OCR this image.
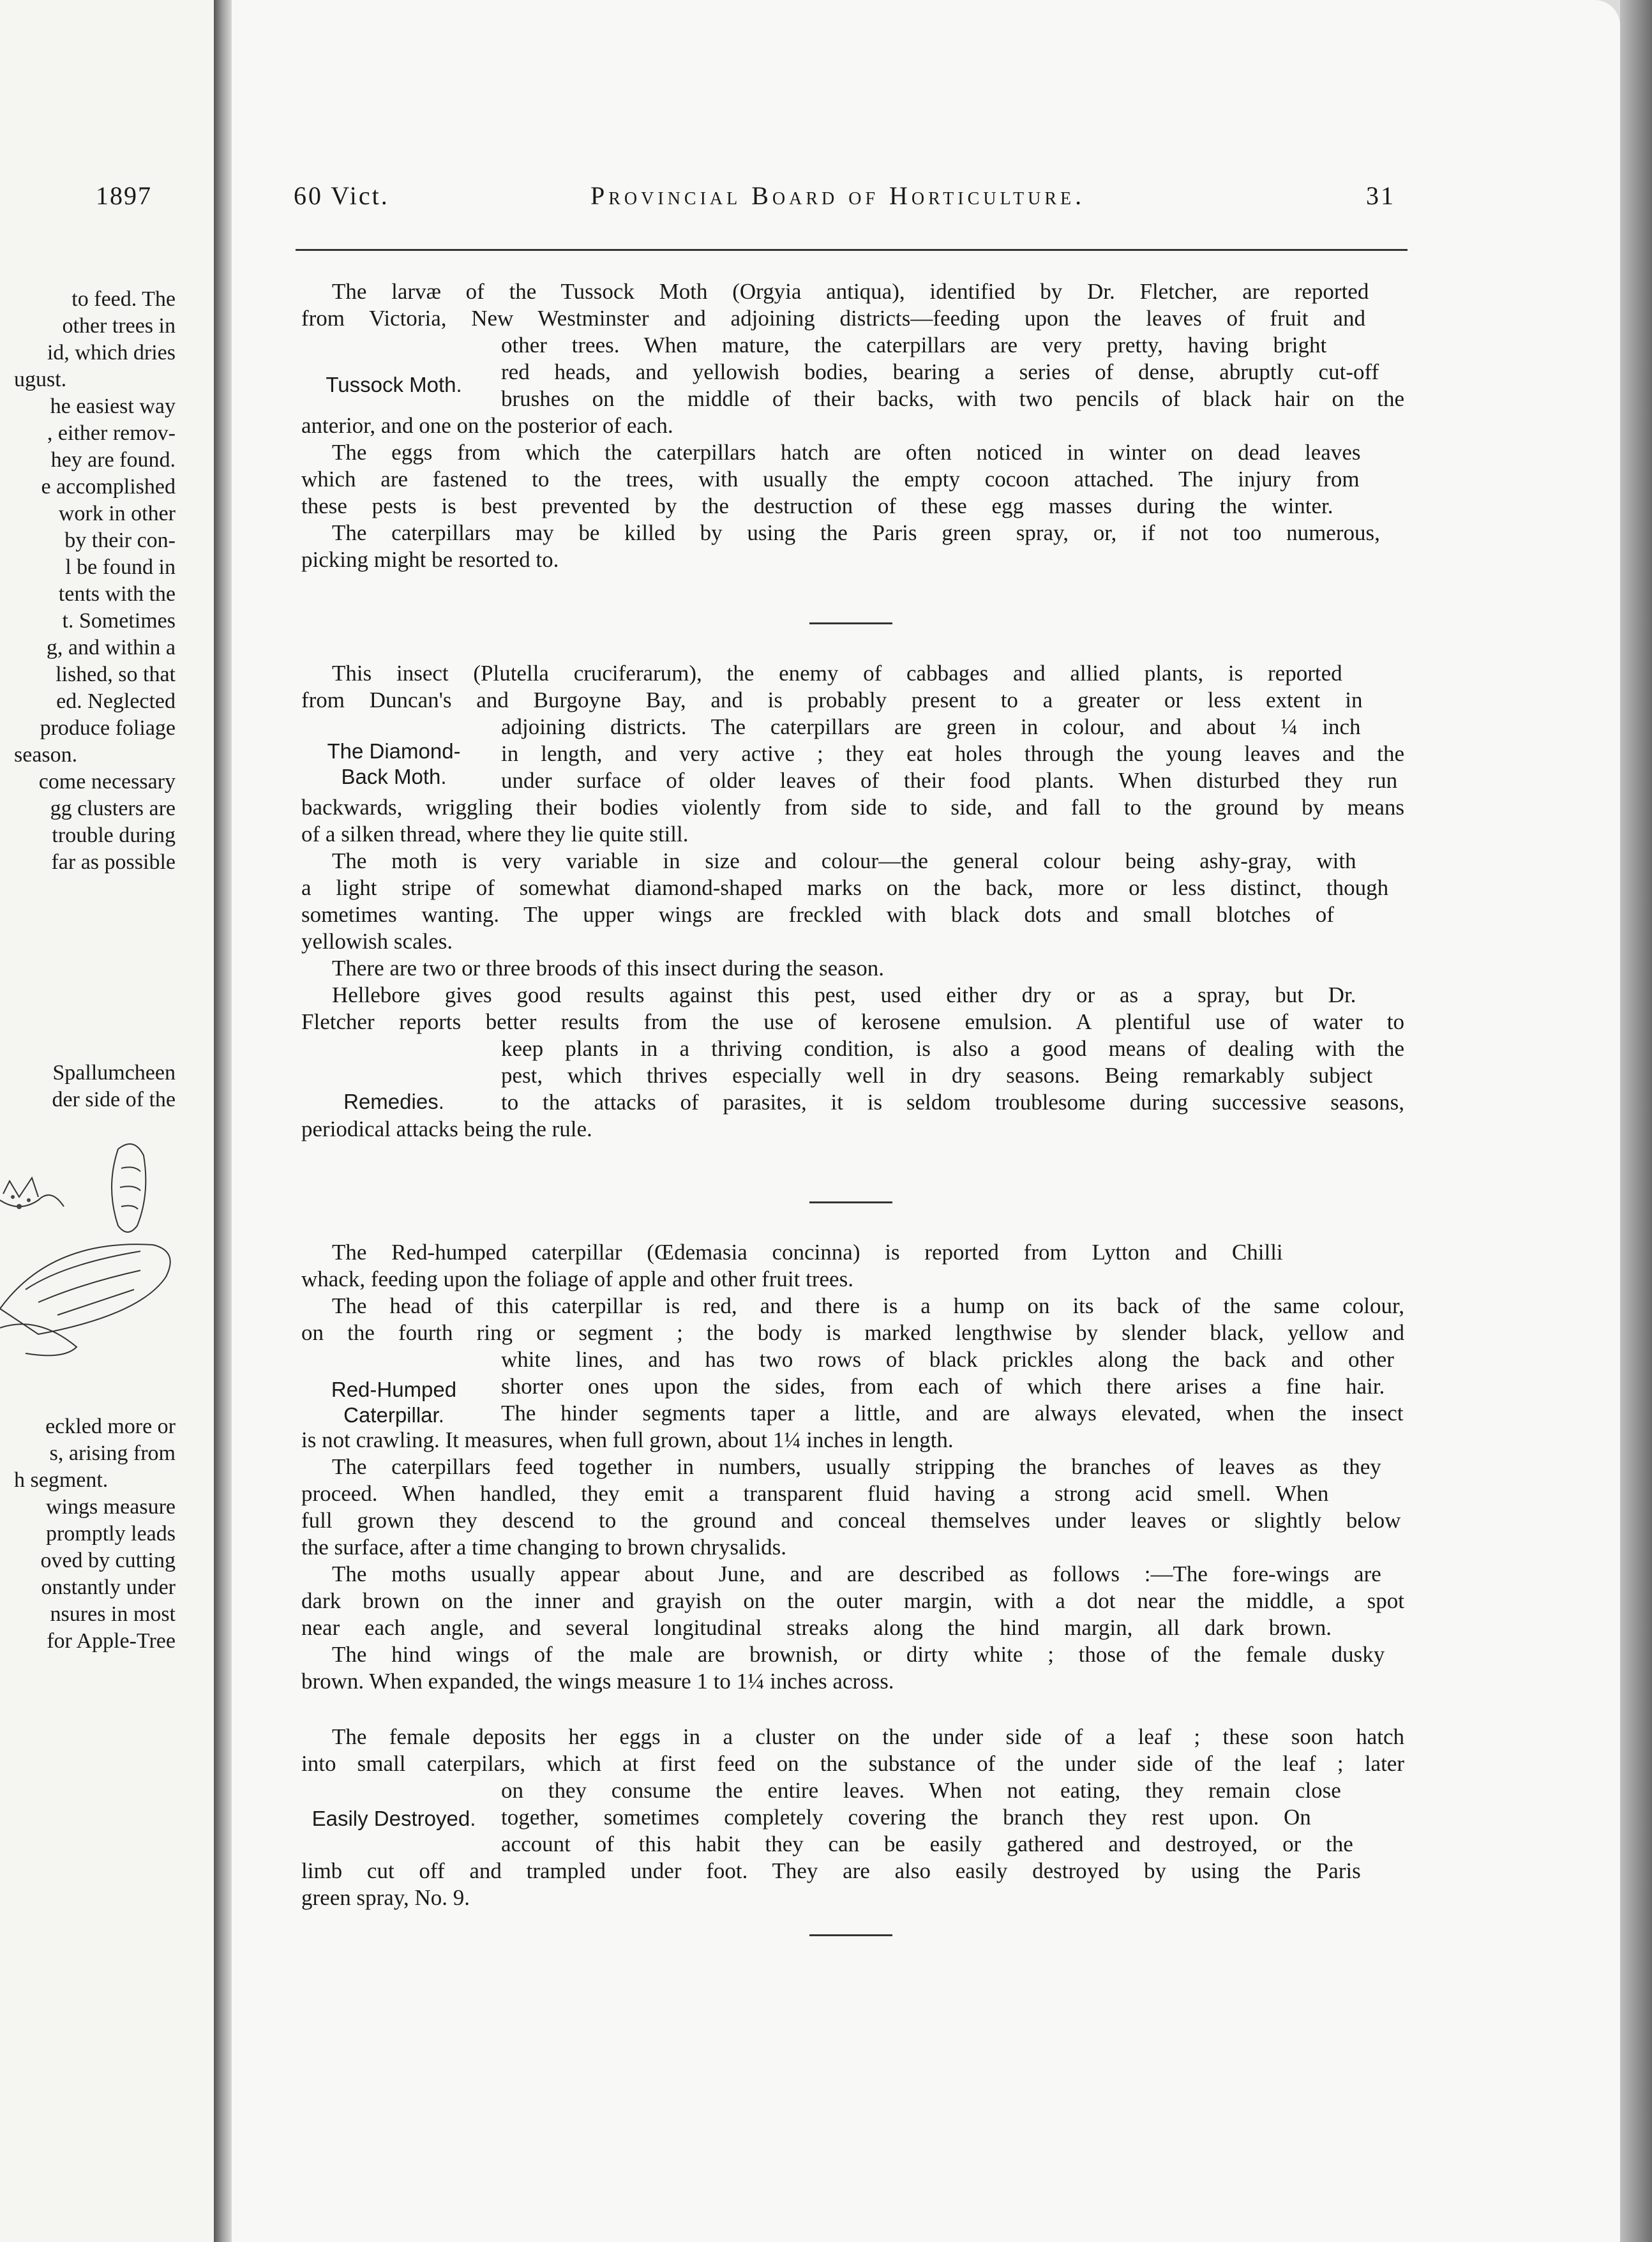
1897
to feed. The
other trees in
id, which dries
ugust.
he easiest way
, either remov-
hey are found.
e accomplished
work in other
by their con-
l be found in
tents with the
t. Sometimes
g, and within a
lished, so that
ed. Neglected
produce foliage
season.
come necessary
gg clusters are
trouble during
far as possible
Spallumcheen
der side of the
eckled more or
s, arising from
h segment.
wings measure
promptly leads
oved by cutting
onstantly under
nsures in most
for Apple-Tree
60 Vict.	Provincial Board of Horticulture.	31
The larvæ of the Tussock Moth (Orgyia antiqua), identified by Dr. Fletcher, are reported
from Victoria, New Westminster and adjoining districts—feeding upon the leaves of fruit and
other trees. When mature, the caterpillars are very pretty, having bright
red heads, and yellowish bodies, bearing a series of dense, abruptly cut-off
brushes on the middle of their backs, with two pencils of black hair on the
anterior, and one on the posterior of each.
The eggs from which the caterpillars hatch are often noticed in winter on dead leaves
which are fastened to the trees, with usually the empty cocoon attached. The injury from
these pests is best prevented by the destruction of these egg masses during the winter.
The caterpillars may be killed by using the Paris green spray, or, if not too numerous,
picking might be resorted to.
Tussock Moth.
This insect (Plutella cruciferarum), the enemy of cabbages and allied plants, is reported
from Duncan's and Burgoyne Bay, and is probably present to a greater or less extent in
adjoining districts. The caterpillars are green in colour, and about ¼ inch
in length, and very active ; they eat holes through the young leaves and the
under surface of older leaves of their food plants. When disturbed they run
backwards, wriggling their bodies violently from side to side, and fall to the ground by means
of a silken thread, where they lie quite still.
The moth is very variable in size and colour—the general colour being ashy-gray, with
a light stripe of somewhat diamond-shaped marks on the back, more or less distinct, though
sometimes wanting. The upper wings are freckled with black dots and small blotches of
yellowish scales.
There are two or three broods of this insect during the season.
The Diamond-
Back Moth.
Hellebore gives good results against this pest, used either dry or as a spray, but Dr.
Fletcher reports better results from the use of kerosene emulsion. A plentiful use of water to
keep plants in a thriving condition, is also a good means of dealing with the
pest, which thrives especially well in dry seasons. Being remarkably subject
to the attacks of parasites, it is seldom troublesome during successive seasons,
periodical attacks being the rule.
Remedies.
The Red-humped caterpillar (Œdemasia concinna) is reported from Lytton and Chilli
whack, feeding upon the foliage of apple and other fruit trees.
The head of this caterpillar is red, and there is a hump on its back of the same colour,
on the fourth ring or segment ; the body is marked lengthwise by slender black, yellow and
white lines, and has two rows of black prickles along the back and other
shorter ones upon the sides, from each of which there arises a fine hair.
The hinder segments taper a little, and are always elevated, when the insect
is not crawling. It measures, when full grown, about 1¼ inches in length.
The caterpillars feed together in numbers, usually stripping the branches of leaves as they
proceed. When handled, they emit a transparent fluid having a strong acid smell. When
full grown they descend to the ground and conceal themselves under leaves or slightly below
the surface, after a time changing to brown chrysalids.
The moths usually appear about June, and are described as follows :—The fore-wings are
dark brown on the inner and grayish on the outer margin, with a dot near the middle, a spot
near each angle, and several longitudinal streaks along the hind margin, all dark brown.
The hind wings of the male are brownish, or dirty white ; those of the female dusky
brown. When expanded, the wings measure 1 to 1¼ inches across.
Red-Humped
Caterpillar.
The female deposits her eggs in a cluster on the under side of a leaf ; these soon hatch
into small caterpilars, which at first feed on the substance of the under side of the leaf ; later
on they consume the entire leaves. When not eating, they remain close
together, sometimes completely covering the branch they rest upon. On
account of this habit they can be easily gathered and destroyed, or the
limb cut off and trampled under foot. They are also easily destroyed by using the Paris
green spray, No. 9.
Easily Destroyed.
